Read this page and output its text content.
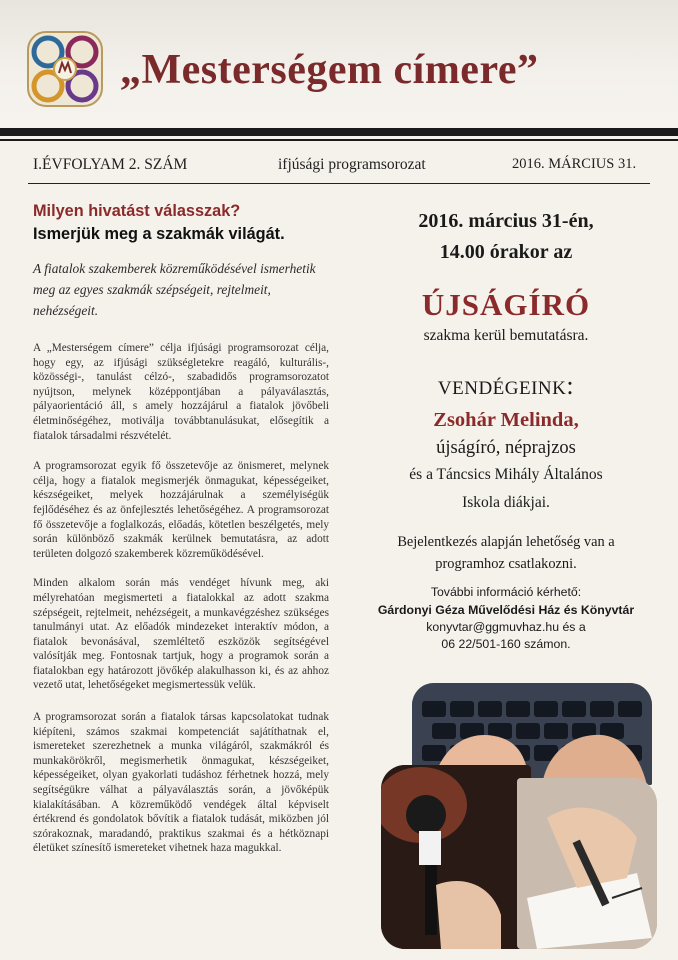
„Mesterségem címere”
I.ÉVFOLYAM 2. SZÁM	ifjúsági programsorozat	2016. MÁRCIUS 31.
Milyen hivatást válasszak?
Ismerjük meg a szakmák világát.

A fiatalok szakemberek közreműködésével ismerhetik meg az egyes szakmák szépségeit, rejtelmeit, nehézségeit.

A „Mesterségem címere” célja ifjúsági programsorozat célja, hogy egy, az ifjúsági szükségletekre reagáló, kulturális-, közösségi-, tanulást célzó-, szabadidős programsorozatot nyújtson, melynek középpontjában a pályaválasztás, pályaorientáció áll, s amely hozzájárul a fiatalok jövőbeli életminőségéhez, motiválja továbbtanulásukat, elősegítik a fiatalok társadalmi részvételét.

A programsorozat egyik fő összetevője az önismeret, melynek célja, hogy a fiatalok megismerjék önmagukat, képességeiket, készségeiket, melyek hozzájárulnak a személyiségük fejlődéséhez és az önfejlesztés lehetőségéhez. A programsorozat fő összetevője a foglalkozás, előadás, kötetlen beszélgetés, mely során különböző szakmák kerülnek bemutatásra, az adott területen dolgozó szakemberek közreműködésével.

Minden alkalom során más vendéget hívunk meg, aki mélyrehatóan megismerteti a fiatalokkal az adott szakma szépségeit, rejtelmeit, nehézségeit, a munkavégzéshez szükséges tanulmányi utat. Az előadók mindezeket interaktív módon, a fiatalok bevonásával, szemléltető eszközök segítségével valósítják meg. Fontosnak tartjuk, hogy a programok során a fiatalokban egy határozott jövőkép alakulhasson ki, és az ahhoz vezető utat, lehetőségeket megismertessük velük.

A programsorozat során a fiatalok társas kapcsolatokat tudnak kiépíteni, számos szakmai kompetenciát sajátíthatnak el, ismereteket szerezhetnek a munka világáról, szakmákról és munkakörökről, megismerhetik önmagukat, készségeiket, képességeiket, olyan gyakorlati tudáshoz férhetnek hozzá, mely segítségükre válhat a pályaválasztás során, a jövőképük kialakításában. A közreműködő vendégek által képviselt értékrend és gondolatok bővítik a fiatalok tudását, miközben jól szórakoznak, maradandó, praktikus szakmai és a hétköznapi életüket színesítő ismereteket vihetnek haza magukkal.

2016. március 31-én,
14.00 órakor az
ÚJSÁGÍRÓ
szakma kerül bemutatásra.
VENDÉGEINK:
Zsohár Melinda,
újságíró, néprajzos
és a Táncsics Mihály Általános
Iskola diákjai.
Bejelentkezés alapján lehetőség van a
programhoz csatlakozni.
További információ kérhető:
Gárdonyi Géza Művelődési Ház és Könyvtár
konyvtar@ggmuvhaz.hu és a
06 22/501-160 számon.
